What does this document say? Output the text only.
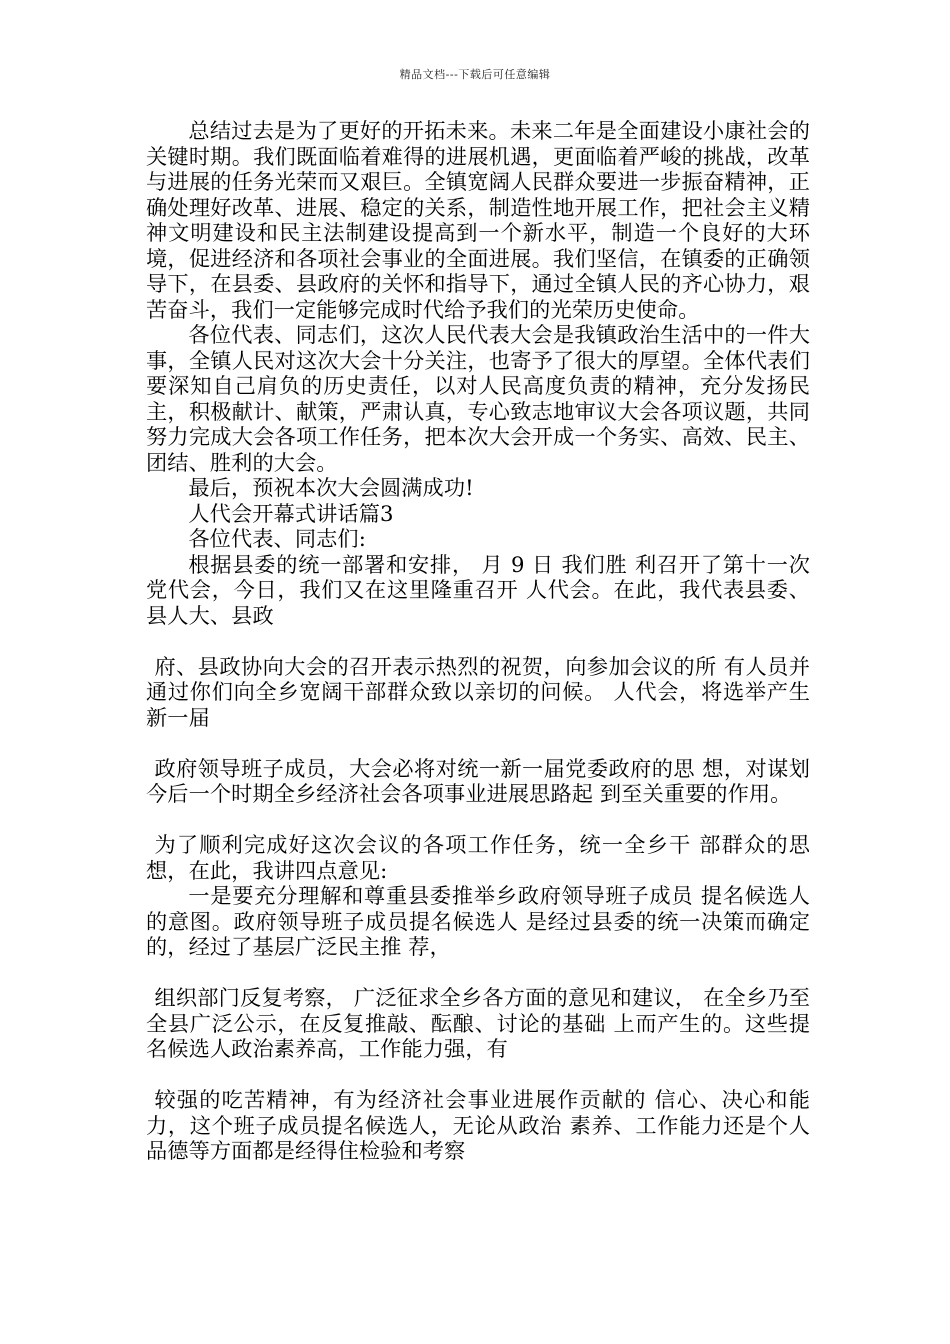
精品文档---下载后可任意编辑

总结过去是为了更好的开拓未来。未来二年是全面建设小康社会的关键时期。我们既面临着难得的进展机遇，更面临着严峻的挑战，改革与进展的任务光荣而又艰巨。全镇宽阔人民群众要进一步振奋精神，正确处理好改革、进展、稳定的关系，制造性地开展工作，把社会主义精神文明建设和民主法制建设提高到一个新水平，制造一个良好的大环境，促进经济和各项社会事业的全面进展。我们坚信，在镇委的正确领导下，在县委、县政府的关怀和指导下，通过全镇人民的齐心协力，艰苦奋斗，我们一定能够完成时代给予我们的光荣历史使命。

各位代表、同志们，这次人民代表大会是我镇政治生活中的一件大事，全镇人民对这次大会十分关注，也寄予了很大的厚望。全体代表们要深知自己肩负的历史责任，以对人民高度负责的精神，充分发扬民主，积极献计、献策，严肃认真，专心致志地审议大会各项议题，共同努力完成大会各项工作任务，把本次大会开成一个务实、高效、民主、团结、胜利的大会。

最后，预祝本次大会圆满成功!

人代会开幕式讲话篇3

各位代表、同志们:

根据县委的统一部署和安排， 月 9 日 我们胜 利召开了第十一次党代会，今日，我们又在这里隆重召开 人代会。在此，我代表县委、县人大、县政

府、县政协向大会的召开表示热烈的祝贺，向参加会议的所 有人员并通过你们向全乡宽阔干部群众致以亲切的问候。 人代会，将选举产生新一届

政府领导班子成员，大会必将对统一新一届党委政府的思 想，对谋划今后一个时期全乡经济社会各项事业进展思路起 到至关重要的作用。

为了顺利完成好这次会议的各项工作任务，统一全乡干 部群众的思想，在此，我讲四点意见:

一是要充分理解和尊重县委推举乡政府领导班子成员 提名候选人的意图。政府领导班子成员提名候选人 是经过县委的统一决策而确定的，经过了基层广泛民主推 荐，

组织部门反复考察， 广泛征求全乡各方面的意见和建议， 在全乡乃至全县广泛公示，在反复推敲、酝酿、讨论的基础 上而产生的。这些提名候选人政治素养高，工作能力强，有

较强的吃苦精神，有为经济社会事业进展作贡献的 信心、决心和能力，这个班子成员提名候选人，无论从政治 素养、工作能力还是个人品德等方面都是经得住检验和考察
